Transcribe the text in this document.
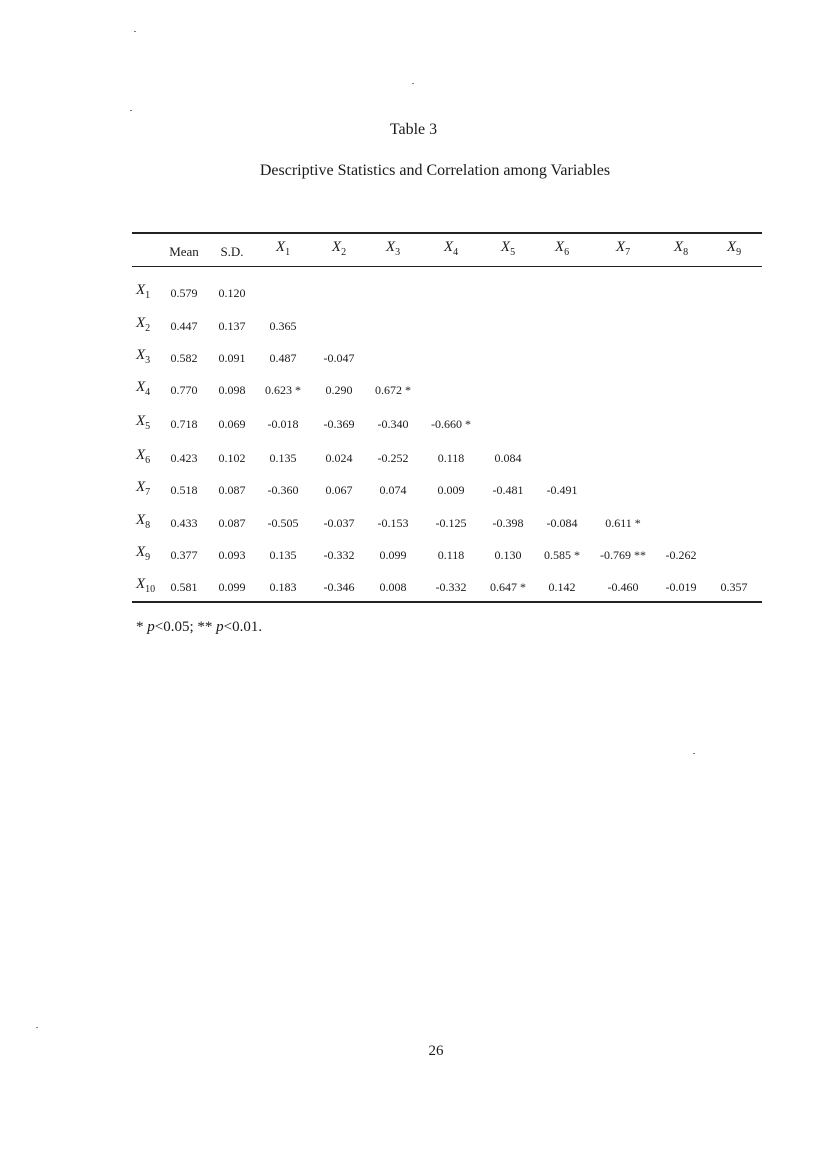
Table 3
Descriptive Statistics and Correlation among Variables
Mean S.D. $X_1$	$X_2$	$X_3$	$X_4$	$X_5$	$X_6$	$X_7$	$X_8$	$X_9$
$X_1$ 0.579 0.120
$X_2$ 0.447 0.137 0.365
$X_3$ 0.582 0.091 0.487 -0.047
$X_4$ 0.770 0.098 0.623 * 0.290 0.672 *
$X_5$ 0.718 0.069 -0.018 -0.369 -0.340 -0.660 *
$X_6$ 0.423 0.102 0.135 0.024 -0.252 0.118	0.084
$X_7$ 0.518 0.087 -0.360 0.067 0.074	0.009 -0.481 -0.491
$X_8$ 0.433 0.087 -0.505 -0.037 -0.153 -0.125 -0.398 -0.084 0.611 *
$X_9$ 0.377 0.093 0.135 -0.332 0.099	0.118	0.130 0.585 * -0.769 ** -0.262
$X_{10}$ 0.581 0.099 0.183 -0.346 0.008 -0.332 0.647 * 0.142	-0.460 -0.019 0.357
* p<0.05; ** p<0.01.
26
